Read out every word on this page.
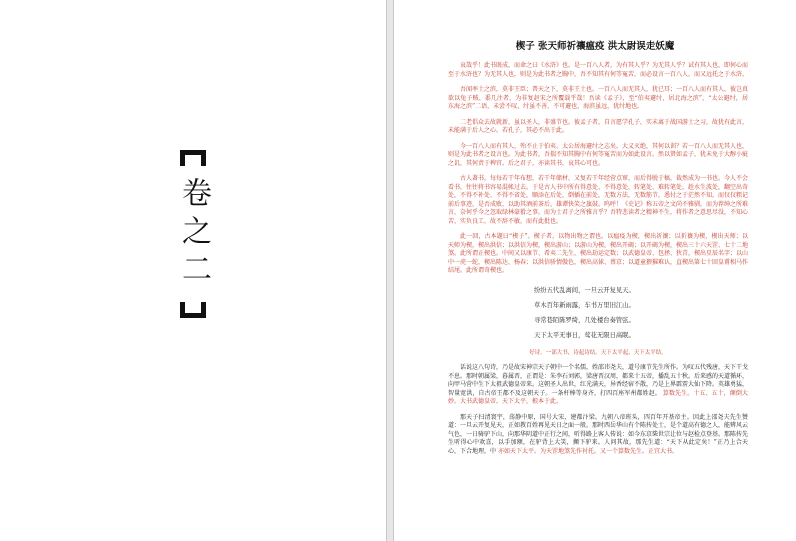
卷之二
楔子 张天师祈禳瘟疫 洪太尉误走妖魔

哀哉乎！此书既成，而命之曰《水浒》也。是一百八人者，为有其人乎？为无其人乎？试有其人也，即何心而至于水浒也？为无其人也，则是为此书者之胸中，吾不知其有何等冤苦，而必设言一百八人，而又远托之于水浒。

吾闻率土之滨，莫非王臣；普天之下，莫非王土也。一百八人而无其人，犹已耳；一百八人而有其人，彼岂真欲以兔子贼、黍几注者，为非复赵宋之所覆载乎哉！吾读《孟子》，至“伯夷避纣，居北海之滨”，“太公避纣，居东海之滨”二语，未尝不叹，纣虽不善，不可避也，海滨虽远，犹纣地也。

二老倡众去故就新，虽以圣人，非盛节也。彼孟子者，自言愿学孔子，实未离于战国游士之习，故犹有此言，未能满于后人之心。若孔子，其必不出于此。

今一百八人而有其人，殆不止于伯夷、太公居海避纣之志矣。大义灭绝，其何以训？若一百八人而无其人也，则是为此书者之设言也。为此书者，吾揣不知其胸中有何等冤苦而为如此设言。然以贤如孟子，犹未免于大醇小疵之讥，其何责于稗官。后之君子，亦读其书，哀其心可也。

古人著书，每每若干年布想，若干年储材，又复若干年经营点窜，而后得脱于稿，裁然成为一书也。今人不会看书，往往将书容易混帐过去。于是古人书中所有得意处、不得意处，转笔处、难转笔处，趁水生波处，翻空出奇处，不得不补处、不得不省处，顺添在后处，倒插在前处，无数方法，无数筋节，悉付之于茫然不知，而仅仅粗记前后事迹，是否成败，以助其酒前茶后，雄谭快笑之旗鼓。呜呼！《史记》称五帝之文尚不雅驯，而为荐绅之所难言，奈何乎今之忽取绿林豪猾之事，而为士君子之所雅言乎？吾特悲读者之精神不生，将作者之意思尽没，不知心苦，实负良工，故不辞不敏，而有此批也。

此一回，古本题曰“楔子”。楔子者，以物出物之谓也。以瘟疫为楔，楔出祈禳；以祈禳为楔，楔出天师；以天师为楔，楔出洪信；以洪信为楔，楔出游山；以游山为楔，楔出开碣；以开碣为楔，楔出三十六天罡、七十二地煞。此所谓正楔也。中间又以康节、希夷二先生，楔出劫运定数；以武德皇帝、包拯、狄青，楔出星辰名字；以山中一虎一蛇，楔出陈达、杨春；以洪信骄情傲色，楔出高俅、蔡京；以道童猥獕难认，直楔出第七十回皇甫相马作结尾。此所谓奇楔也。

纷纷五代乱离间，一旦云开复见天。
草木百年新雨露，车书万里旧江山。
寻常巷陌陈罗绮，几处楼台奏管弦。
天下太平无事日，莺花无限日高眠。
好诗。一部大书，诗起诗结。天下太平起，天下太平结。

话说这八句诗，乃是故宋神宗天子朝中一个名儒，姓邵讳尧夫，道号康节先生所作。为叹五代残唐，天下干戈不息。那时朝属梁，暮属晋，正谓是：朱李石刘郭，梁唐晋汉周，都来十五帝，播乱五十秋。后来感的天道循环，向甲马营中生下太祖武德皇帝来。这朝圣人出世，红光满天，异香经宿不散，乃是上界霹雳大仙下降。英雄勇猛，智量宽洪，自古帝王都不及这朝天子。一条杆棒等身齐，打四百座军州都姓赵。 算数先生。十五、五十，颠倒大妙。大书武德皇帝。天下太平，根本于此。

那天子扫清寰宇，荡静中原，国号大宋，建都汴梁。九朝八帝班头，四百年开基帝主。因此上邵尧夫先生赞道：一旦云开复见天，正如教百姓再见天日之面一般。那时西岳华山有个陈抟处士，是个道高有德之人，能辨风云气色，一日骑驴下山，向那华阴道中正行之间，听得路上客人传说：如今东京柴世宗让位与赵检点登基。那陈抟先生听得心中欢喜，以手加额，在驴背上大笑，攧下驴来。人问其故，那先生道：“天下从此定矣！”正乃上合天心，下合地理，中 亦如天下太平。为天罡地煞先作衬托。又一个算数先生。正宜大书。
